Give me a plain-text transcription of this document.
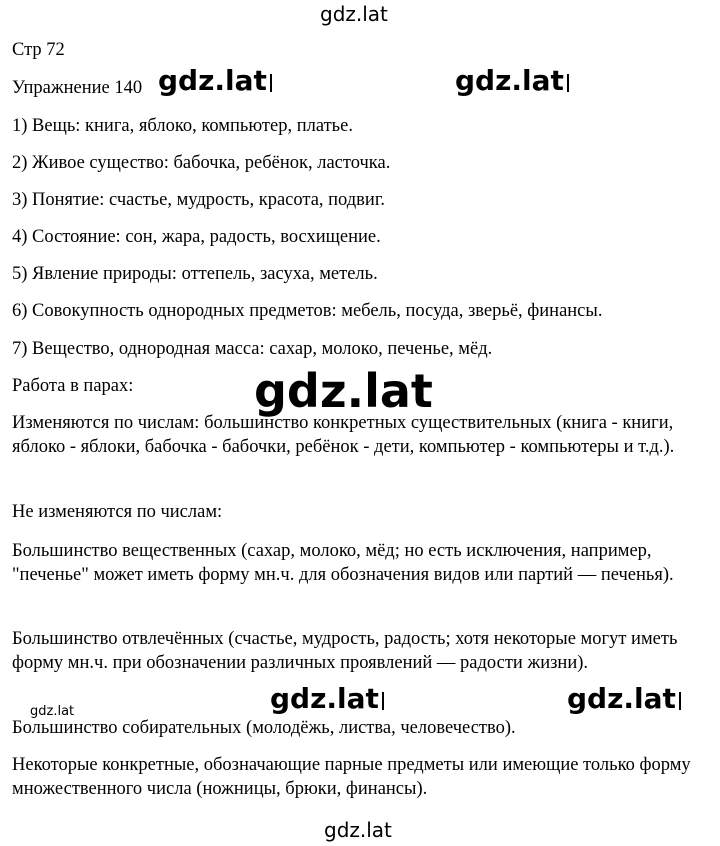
Стр 72
Упражнение 140
1) Вещь: книга, яблоко, компьютер, платье.
2) Живое существо: бабочка, ребёнок, ласточка.
3) Понятие: счастье, мудрость, красота, подвиг.
4) Состояние: сон, жара, радость, восхищение.
5) Явление природы: оттепель, засуха, метель.
6) Совокупность однородных предметов: мебель, посуда, зверьё, финансы.
7) Вещество, однородная масса: сахар, молоко, печенье, мёд.
Работа в парах:
Изменяются по числам: большинство конкретных существительных (книга - книги, яблоко - яблоки, бабочка - бабочки, ребёнок - дети, компьютер - компьютеры и т.д.).
Не изменяются по числам:
Большинство вещественных (сахар, молоко, мёд; но есть исключения, например, "печенье" может иметь форму мн.ч. для обозначения видов или партий — печенья).
Большинство отвлечённых (счастье, мудрость, радость; хотя некоторые могут иметь форму мн.ч. при обозначении различных проявлений — радости жизни).
Большинство собирательных (молодёжь, листва, человечество).
Некоторые конкретные, обозначающие парные предметы или имеющие только форму множественного числа (ножницы, брюки, финансы).
gdz.lat
gdz.lat	gdz.lat
gdz.lat
gdz.lat	gdz.lat
gdz.lat
gdz.lat
